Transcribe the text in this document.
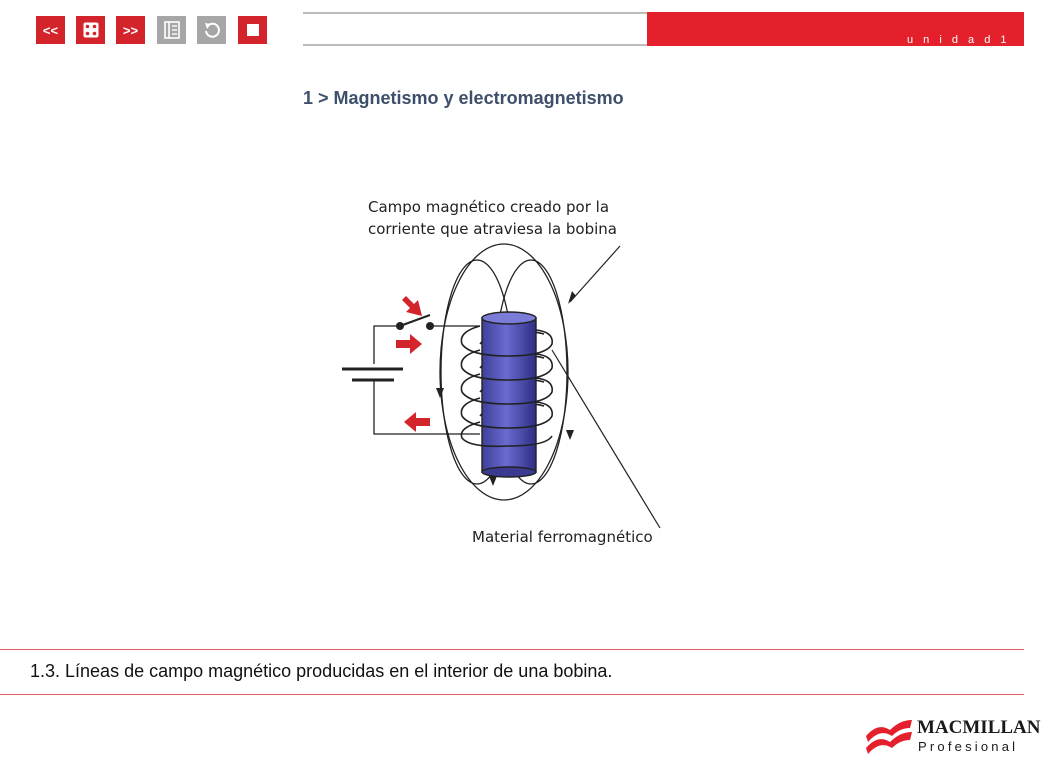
<<	>>
u n i d a d 1
1 > Magnetismo y electromagnetismo
Campo magnético creado por la
corriente que atraviesa la bobina
Material ferromagnético
1.3. Líneas de campo magnético producidas en el interior de una bobina.
MACMILLAN
Profesional
